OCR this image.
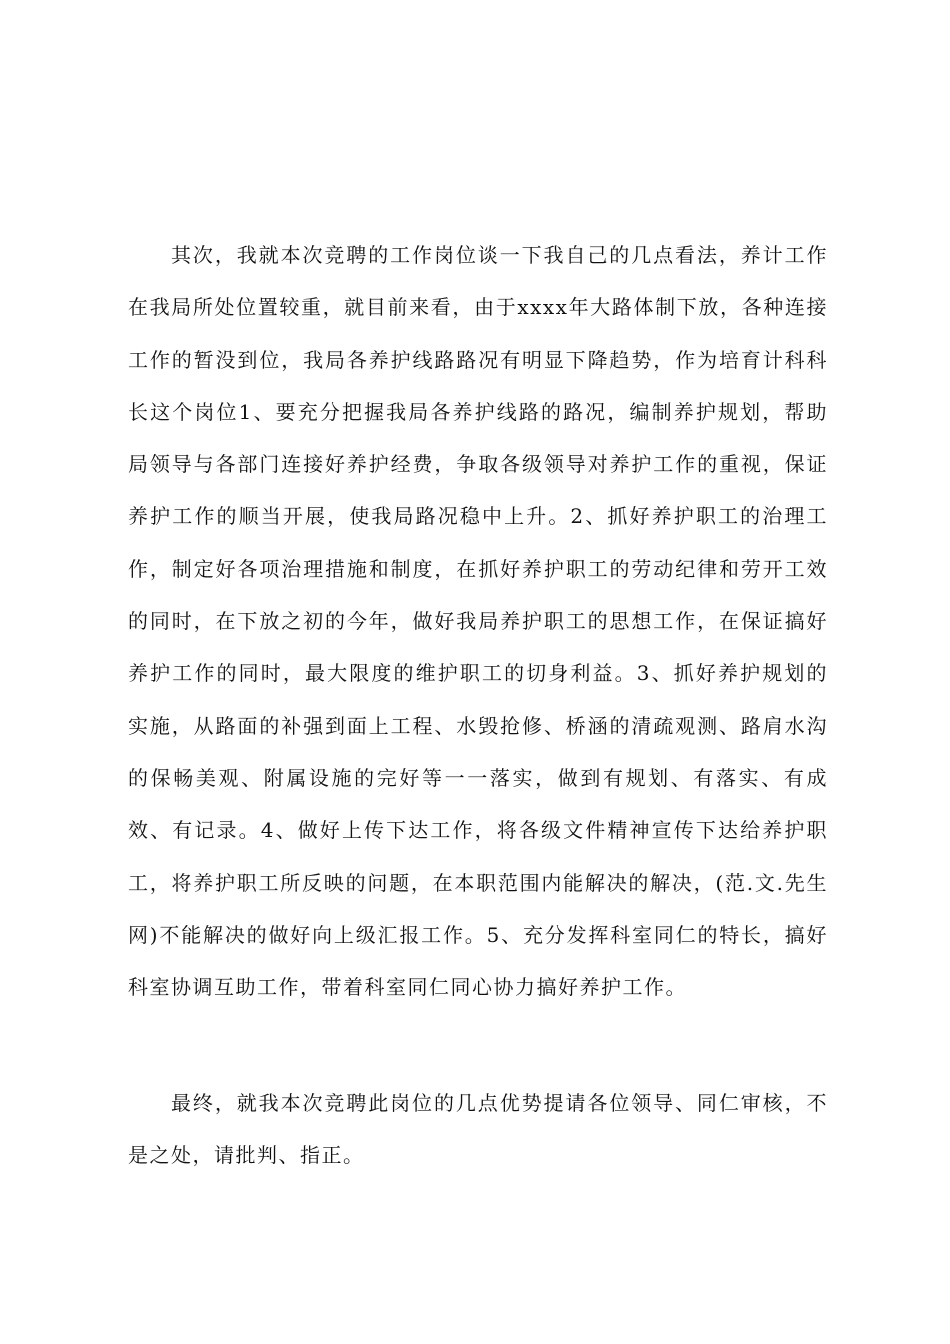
其次，我就本次竞聘的工作岗位谈一下我自己的几点看法，养计工作在我局所处位置较重，就目前来看，由于xxxx年大路体制下放，各种连接工作的暂没到位，我局各养护线路路况有明显下降趋势，作为培育计科科长这个岗位1、要充分把握我局各养护线路的路况，编制养护规划，帮助局领导与各部门连接好养护经费，争取各级领导对养护工作的重视，保证养护工作的顺当开展，使我局路况稳中上升。2、抓好养护职工的治理工作，制定好各项治理措施和制度，在抓好养护职工的劳动纪律和劳开工效的同时，在下放之初的今年，做好我局养护职工的思想工作，在保证搞好养护工作的同时，最大限度的维护职工的切身利益。3、抓好养护规划的实施，从路面的补强到面上工程、水毁抢修、桥涵的清疏观测、路肩水沟的保畅美观、附属设施的完好等一一落实，做到有规划、有落实、有成效、有记录。4、做好上传下达工作，将各级文件精神宣传下达给养护职工，将养护职工所反映的问题，在本职范围内能解决的解决，(范.文.先生网)不能解决的做好向上级汇报工作。5、充分发挥科室同仁的特长，搞好科室协调互助工作，带着科室同仁同心协力搞好养护工作。

最终，就我本次竞聘此岗位的几点优势提请各位领导、同仁审核，不是之处，请批判、指正。
